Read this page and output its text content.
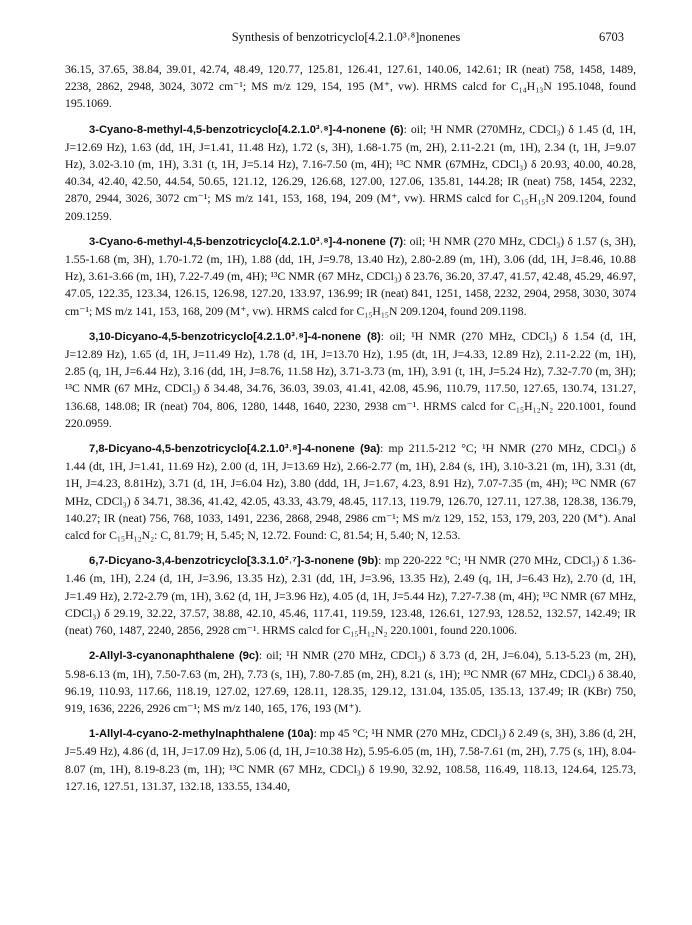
Synthesis of benzotricyclo[4.2.1.0³˒⁸]nonenes	6703

36.15, 37.65, 38.84, 39.01, 42.74, 48.49, 120.77, 125.81, 126.41, 127.61, 140.06, 142.61; IR (neat) 758, 1458, 1489, 2238, 2862, 2948, 3024, 3072 cm⁻¹; MS m/z 129, 154, 195 (M⁺, vw). HRMS calcd for C₁₄H₁₃N 195.1048, found 195.1069.

3-Cyano-8-methyl-4,5-benzotricyclo[4.2.1.0³˒⁸]-4-nonene (6): oil; ¹H NMR (270MHz, CDCl₃) δ 1.45 (d, 1H, J=12.69 Hz), 1.63 (dd, 1H, J=1.41, 11.48 Hz), 1.72 (s, 3H), 1.68-1.75 (m, 2H), 2.11-2.21 (m, 1H), 2.34 (t, 1H, J=9.07 Hz), 3.02-3.10 (m, 1H), 3.31 (t, 1H, J=5.14 Hz), 7.16-7.50 (m, 4H); ¹³C NMR (67MHz, CDCl₃) δ 20.93, 40.00, 40.28, 40.34, 42.40, 42.50, 44.54, 50.65, 121.12, 126.29, 126.68, 127.00, 127.06, 135.81, 144.28; IR (neat) 758, 1454, 2232, 2870, 2944, 3026, 3072 cm⁻¹; MS m/z 141, 153, 168, 194, 209 (M⁺, vw). HRMS calcd for C₁₅H₁₅N 209.1204, found 209.1259.

3-Cyano-6-methyl-4,5-benzotricyclo[4.2.1.0³˒⁸]-4-nonene (7): oil; ¹H NMR (270 MHz, CDCl₃) δ 1.57 (s, 3H), 1.55-1.68 (m, 3H), 1.70-1.72 (m, 1H), 1.88 (dd, 1H, J=9.78, 13.40 Hz), 2.80-2.89 (m, 1H), 3.06 (dd, 1H, J=8.46, 10.88 Hz), 3.61-3.66 (m, 1H), 7.22-7.49 (m, 4H); ¹³C NMR (67 MHz, CDCl₃) δ 23.76, 36.20, 37.47, 41.57, 42.48, 45.29, 46.97, 47.05, 122.35, 123.34, 126.15, 126.98, 127.20, 133.97, 136.99; IR (neat) 841, 1251, 1458, 2232, 2904, 2958, 3030, 3074 cm⁻¹; MS m/z 141, 153, 168, 209 (M⁺, vw). HRMS calcd for C₁₅H₁₅N 209.1204, found 209.1198.

3,10-Dicyano-4,5-benzotricyclo[4.2.1.0³˒⁸]-4-nonene (8): oil; ¹H NMR (270 MHz, CDCl₃) δ 1.54 (d, 1H, J=12.89 Hz), 1.65 (d, 1H, J=11.49 Hz), 1.78 (d, 1H, J=13.70 Hz), 1.95 (dt, 1H, J=4.33, 12.89 Hz), 2.11-2.22 (m, 1H), 2.85 (q, 1H, J=6.44 Hz), 3.16 (dd, 1H, J=8.76, 11.58 Hz), 3.71-3.73 (m, 1H), 3.91 (t, 1H, J=5.24 Hz), 7.32-7.70 (m, 3H); ¹³C NMR (67 MHz, CDCl₃) δ 34.48, 34.76, 36.03, 39.03, 41.41, 42.08, 45.96, 110.79, 117.50, 127.65, 130.74, 131.27, 136.68, 148.08; IR (neat) 704, 806, 1280, 1448, 1640, 2230, 2938 cm⁻¹. HRMS calcd for C₁₅H₁₂N₂ 220.1001, found 220.0959.

7,8-Dicyano-4,5-benzotricyclo[4.2.1.0³˒⁸]-4-nonene (9a): mp 211.5-212 °C; ¹H NMR (270 MHz, CDCl₃) δ 1.44 (dt, 1H, J=1.41, 11.69 Hz), 2.00 (d, 1H, J=13.69 Hz), 2.66-2.77 (m, 1H), 2.84 (s, 1H), 3.10-3.21 (m, 1H), 3.31 (dt, 1H, J=4.23, 8.81Hz), 3.71 (d, 1H, J=6.04 Hz), 3.80 (ddd, 1H, J=1.67, 4.23, 8.91 Hz), 7.07-7.35 (m, 4H); ¹³C NMR (67 MHz, CDCl₃) δ 34.71, 38.36, 41.42, 42.05, 43.33, 43.79, 48.45, 117.13, 119.79, 126.70, 127.11, 127.38, 128.38, 136.79, 140.27; IR (neat) 756, 768, 1033, 1491, 2236, 2868, 2948, 2986 cm⁻¹; MS m/z 129, 152, 153, 179, 203, 220 (M⁺). Anal calcd for C₁₅H₁₂N₂: C, 81.79; H, 5.45; N, 12.72. Found: C, 81.54; H, 5.40; N, 12.53.

6,7-Dicyano-3,4-benzotricyclo[3.3.1.0²˒⁷]-3-nonene (9b): mp 220-222 °C; ¹H NMR (270 MHz, CDCl₃) δ 1.36-1.46 (m, 1H), 2.24 (d, 1H, J=3.96, 13.35 Hz), 2.31 (dd, 1H, J=3.96, 13.35 Hz), 2.49 (q, 1H, J=6.43 Hz), 2.70 (d, 1H, J=1.49 Hz), 2.72-2.79 (m, 1H), 3.62 (d, 1H, J=3.96 Hz), 4.05 (d, 1H, J=5.44 Hz), 7.27-7.38 (m, 4H); ¹³C NMR (67 MHz, CDCl₃) δ 29.19, 32.22, 37.57, 38.88, 42.10, 45.46, 117.41, 119.59, 123.48, 126.61, 127.93, 128.52, 132.57, 142.49; IR (neat) 760, 1487, 2240, 2856, 2928 cm⁻¹. HRMS calcd for C₁₅H₁₂N₂ 220.1001, found 220.1006.

2-Allyl-3-cyanonaphthalene (9c): oil; ¹H NMR (270 MHz, CDCl₃) δ 3.73 (d, 2H, J=6.04), 5.13-5.23 (m, 2H), 5.98-6.13 (m, 1H), 7.50-7.63 (m, 2H), 7.73 (s, 1H), 7.80-7.85 (m, 2H), 8.21 (s, 1H); ¹³C NMR (67 MHz, CDCl₃) δ 38.40, 96.19, 110.93, 117.66, 118.19, 127.02, 127.69, 128.11, 128.35, 129.12, 131.04, 135.05, 135.13, 137.49; IR (KBr) 750, 919, 1636, 2226, 2926 cm⁻¹; MS m/z 140, 165, 176, 193 (M⁺).

1-Allyl-4-cyano-2-methylnaphthalene (10a): mp 45 °C; ¹H NMR (270 MHz, CDCl₃) δ 2.49 (s, 3H), 3.86 (d, 2H, J=5.49 Hz), 4.86 (d, 1H, J=17.09 Hz), 5.06 (d, 1H, J=10.38 Hz), 5.95-6.05 (m, 1H), 7.58-7.61 (m, 2H), 7.75 (s, 1H), 8.04-8.07 (m, 1H), 8.19-8.23 (m, 1H); ¹³C NMR (67 MHz, CDCl₃) δ 19.90, 32.92, 108.58, 116.49, 118.13, 124.64, 125.73, 127.16, 127.51, 131.37, 132.18, 133.55, 134.40,
